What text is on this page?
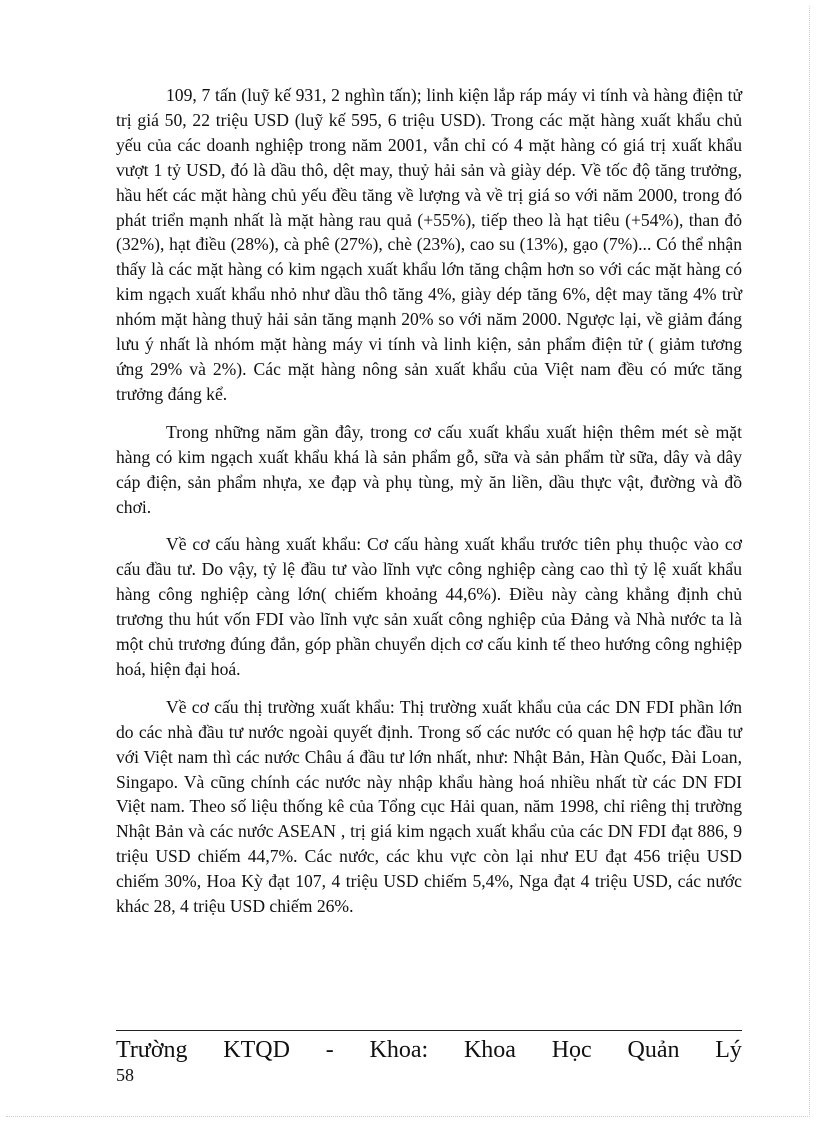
109, 7 tấn (luỹ kế 931, 2 nghìn tấn); linh kiện lắp ráp máy vi tính và hàng điện tử trị giá 50, 22 triệu USD (luỹ kế 595, 6 triệu USD). Trong các mặt hàng xuất khẩu chủ yếu của các doanh nghiệp trong năm 2001, vẫn chỉ có 4 mặt hàng có giá trị xuất khẩu vượt 1 tỷ USD, đó là dầu thô, dệt may, thuỷ hải sản và giày dép. Về tốc độ tăng trưởng, hầu hết các mặt hàng chủ yếu đều tăng về lượng và về trị giá so với năm 2000, trong đó phát triển mạnh nhất là mặt hàng rau quả (+55%), tiếp theo là hạt tiêu (+54%), than đỏ (32%), hạt điều (28%), cà phê (27%), chè (23%), cao su (13%), gạo (7%)... Có thể nhận thấy là các mặt hàng có kim ngạch xuất khẩu lớn tăng chậm hơn so với các mặt hàng có kim ngạch xuất khẩu nhỏ như dầu thô tăng 4%, giày dép tăng 6%, dệt may tăng 4% trừ nhóm mặt hàng thuỷ hải sản tăng mạnh 20% so với năm 2000. Ngược lại, về giảm đáng lưu ý nhất là nhóm mặt hàng máy vi tính và linh kiện, sản phẩm điện tử ( giảm tương ứng 29% và 2%). Các mặt hàng nông sản xuất khẩu của Việt nam đều có mức tăng trưởng đáng kể.

Trong những năm gần đây, trong cơ cấu xuất khẩu xuất hiện thêm mét sè mặt hàng có kim ngạch xuất khẩu khá là sản phẩm gỗ, sữa và sản phẩm từ sữa, dây và dây cáp điện, sản phẩm nhựa, xe đạp và phụ tùng, mỳ ăn liền, dầu thực vật, đường và đồ chơi.

Về cơ cấu hàng xuất khẩu: Cơ cấu hàng xuất khẩu trước tiên phụ thuộc vào cơ cấu đầu tư. Do vậy, tỷ lệ đầu tư vào lĩnh vực công nghiệp càng cao thì tỷ lệ xuất khẩu hàng công nghiệp càng lớn( chiếm khoảng 44,6%). Điều này càng khẳng định chủ trương thu hút vốn FDI vào lĩnh vực sản xuất công nghiệp của Đảng và Nhà nước ta là một chủ trương đúng đắn, góp phần chuyển dịch cơ cấu kinh tế theo hướng công nghiệp hoá, hiện đại hoá.

Về cơ cấu thị trường xuất khẩu: Thị trường xuất khẩu của các DN FDI phần lớn do các nhà đầu tư nước ngoài quyết định. Trong số các nước có quan hệ hợp tác đầu tư với Việt nam thì các nước Châu á đầu tư lớn nhất, như: Nhật Bản, Hàn Quốc, Đài Loan, Singapo. Và cũng chính các nước này nhập khẩu hàng hoá nhiều nhất từ các DN FDI Việt nam. Theo số liệu thống kê của Tổng cục Hải quan, năm 1998, chỉ riêng thị trường Nhật Bản và các nước ASEAN , trị giá kim ngạch xuất khẩu của các DN FDI đạt 886, 9 triệu USD chiếm 44,7%. Các nước, các khu vực còn lại như EU đạt 456 triệu USD chiếm 30%, Hoa Kỳ đạt 107, 4 triệu USD chiếm 5,4%, Nga đạt 4 triệu USD, các nước khác 28, 4 triệu USD chiếm 26%.

Trường KTQD - Khoa: Khoa Học Quản Lý
58
